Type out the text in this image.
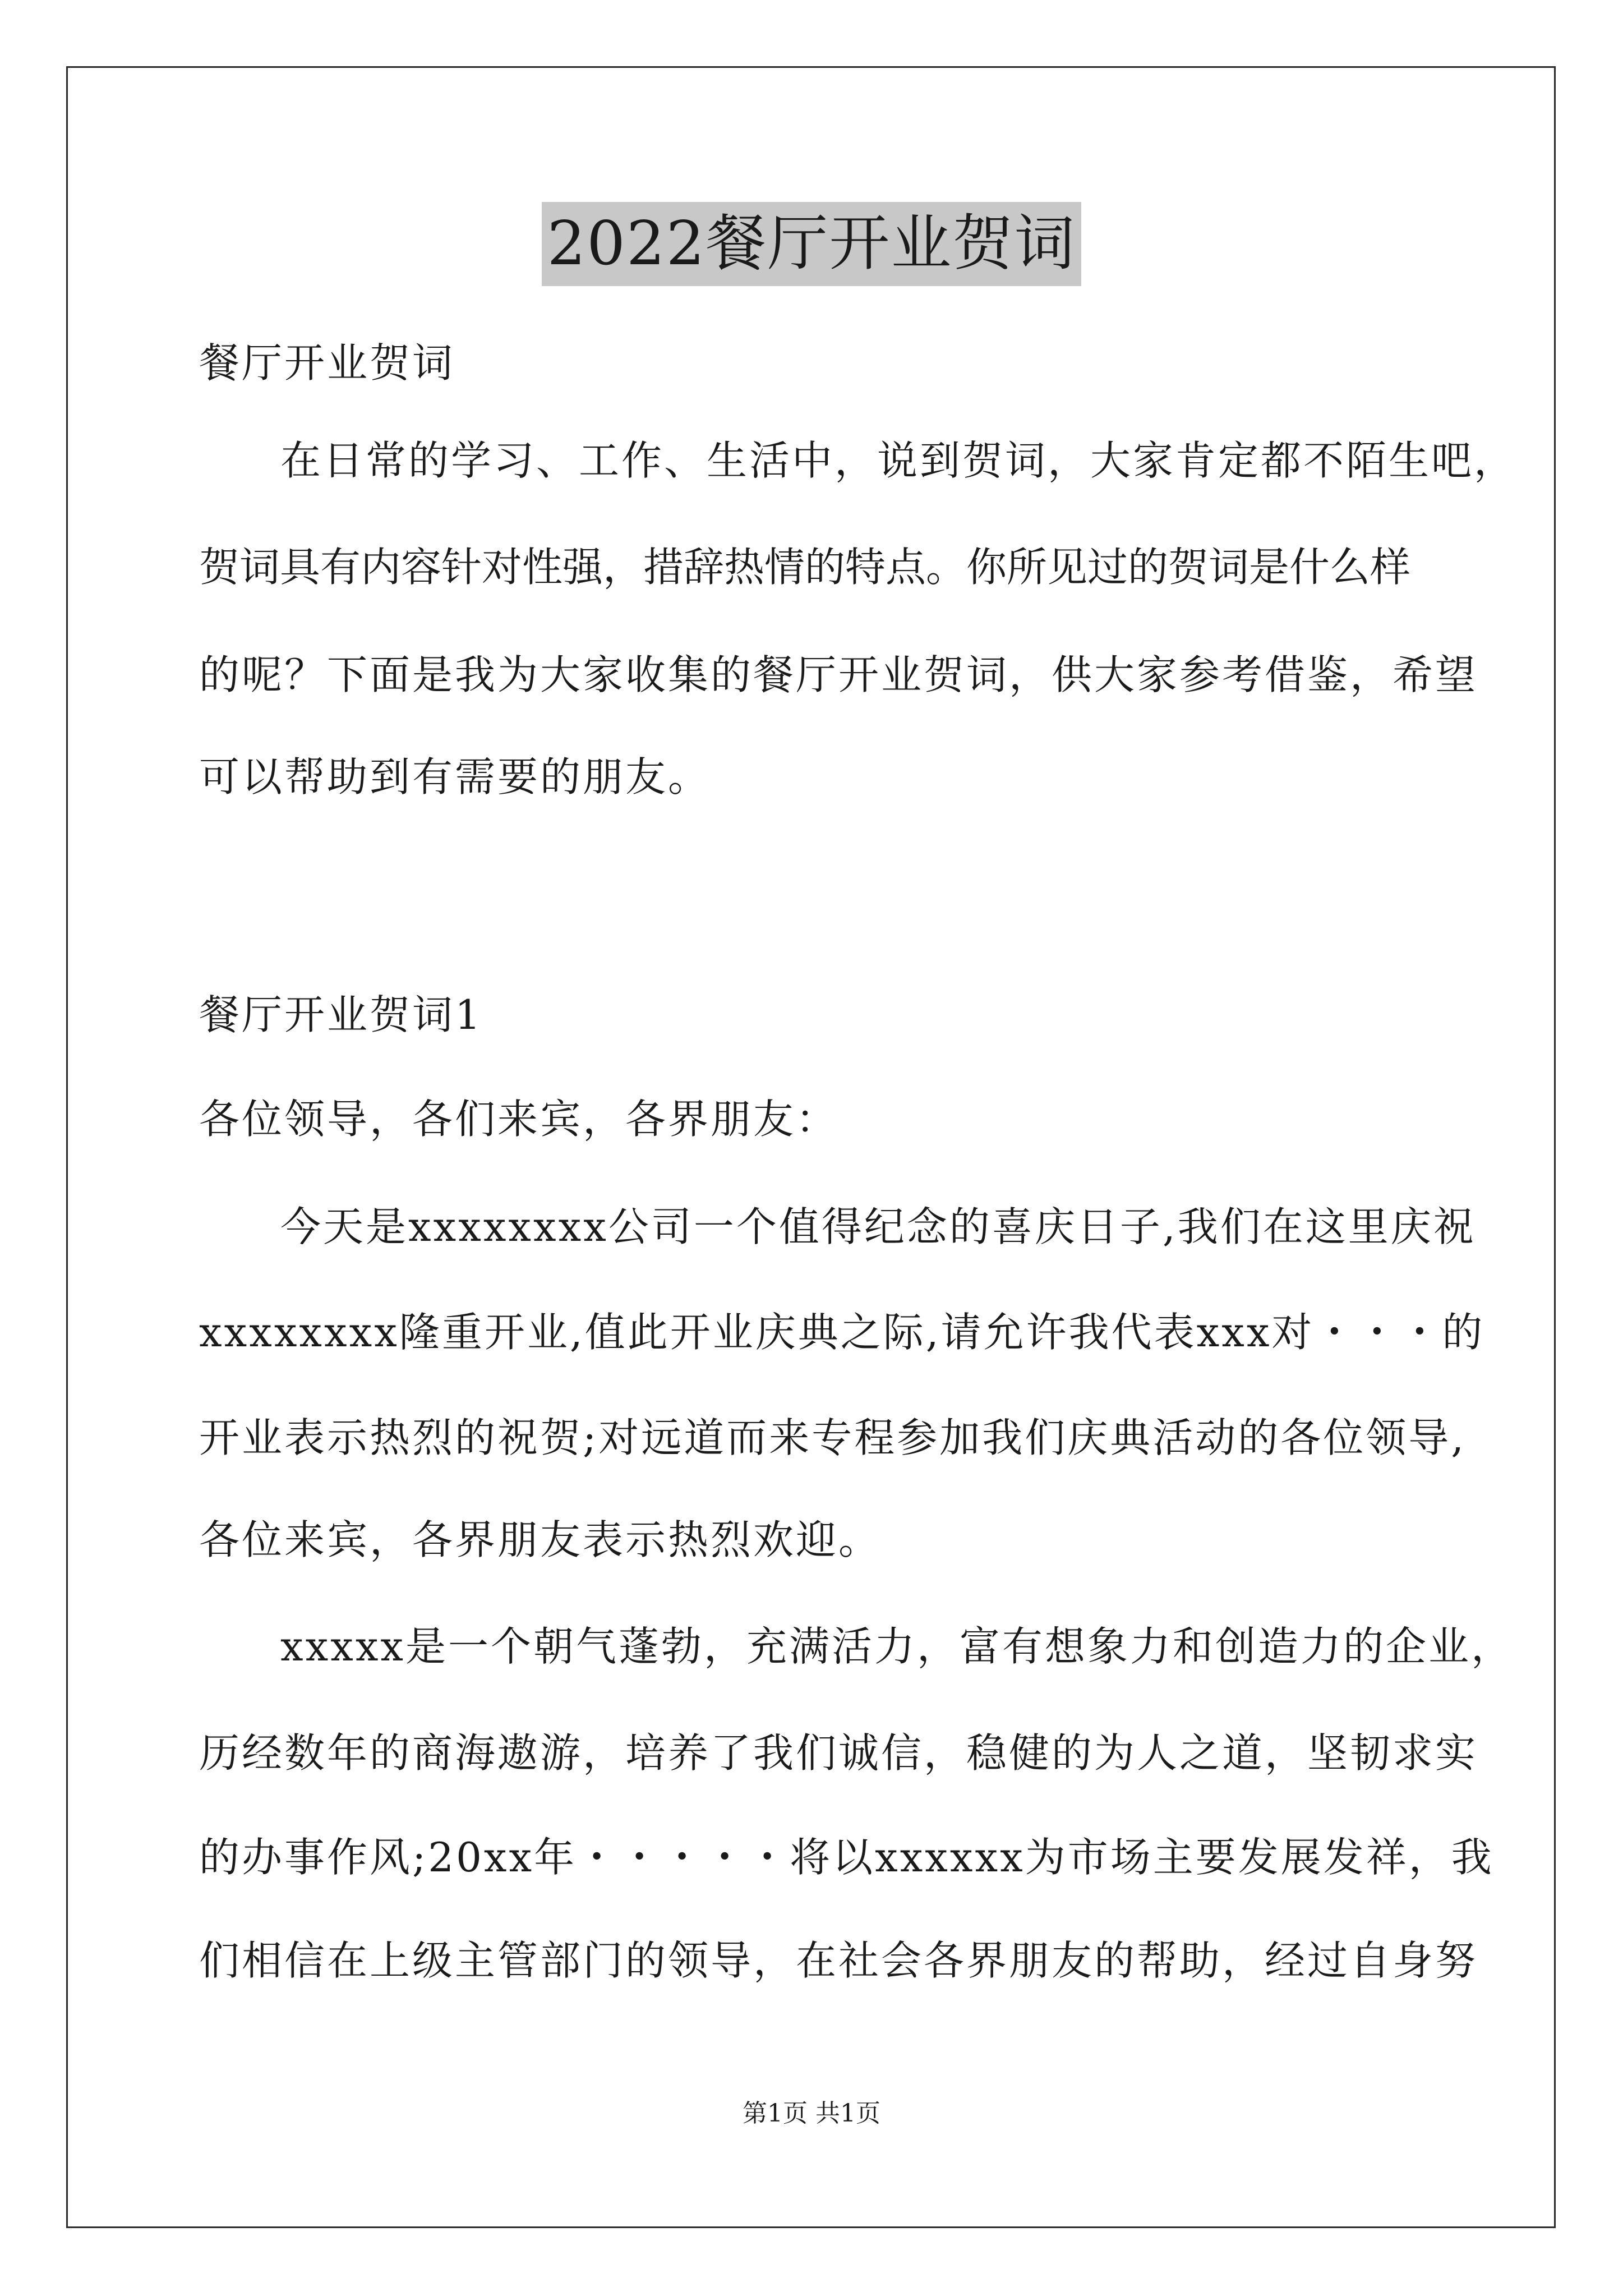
2022餐厅开业贺词
餐厅开业贺词
在日常的学习、工作、生活中，说到贺词，大家肯定都不陌生吧，
贺词具有内容针对性强，措辞热情的特点。你所见过的贺词是什么样
的呢？下面是我为大家收集的餐厅开业贺词，供大家参考借鉴，希望
可以帮助到有需要的朋友。
餐厅开业贺词1
各位领导，各们来宾，各界朋友：
今天是xxxxxxxx公司一个值得纪念的喜庆日子,我们在这里庆祝
xxxxxxxx隆重开业,值此开业庆典之际,请允许我代表xxx对・・・的
开业表示热烈的祝贺;对远道而来专程参加我们庆典活动的各位领导,
各位来宾，各界朋友表示热烈欢迎。
xxxxx是一个朝气蓬勃，充满活力，富有想象力和创造力的企业，
历经数年的商海遨游，培养了我们诚信，稳健的为人之道，坚韧求实
的办事作风;20xx年・・・・・将以xxxxxx为市场主要发展发祥，我
们相信在上级主管部门的领导，在社会各界朋友的帮助，经过自身努
第1页 共1页
